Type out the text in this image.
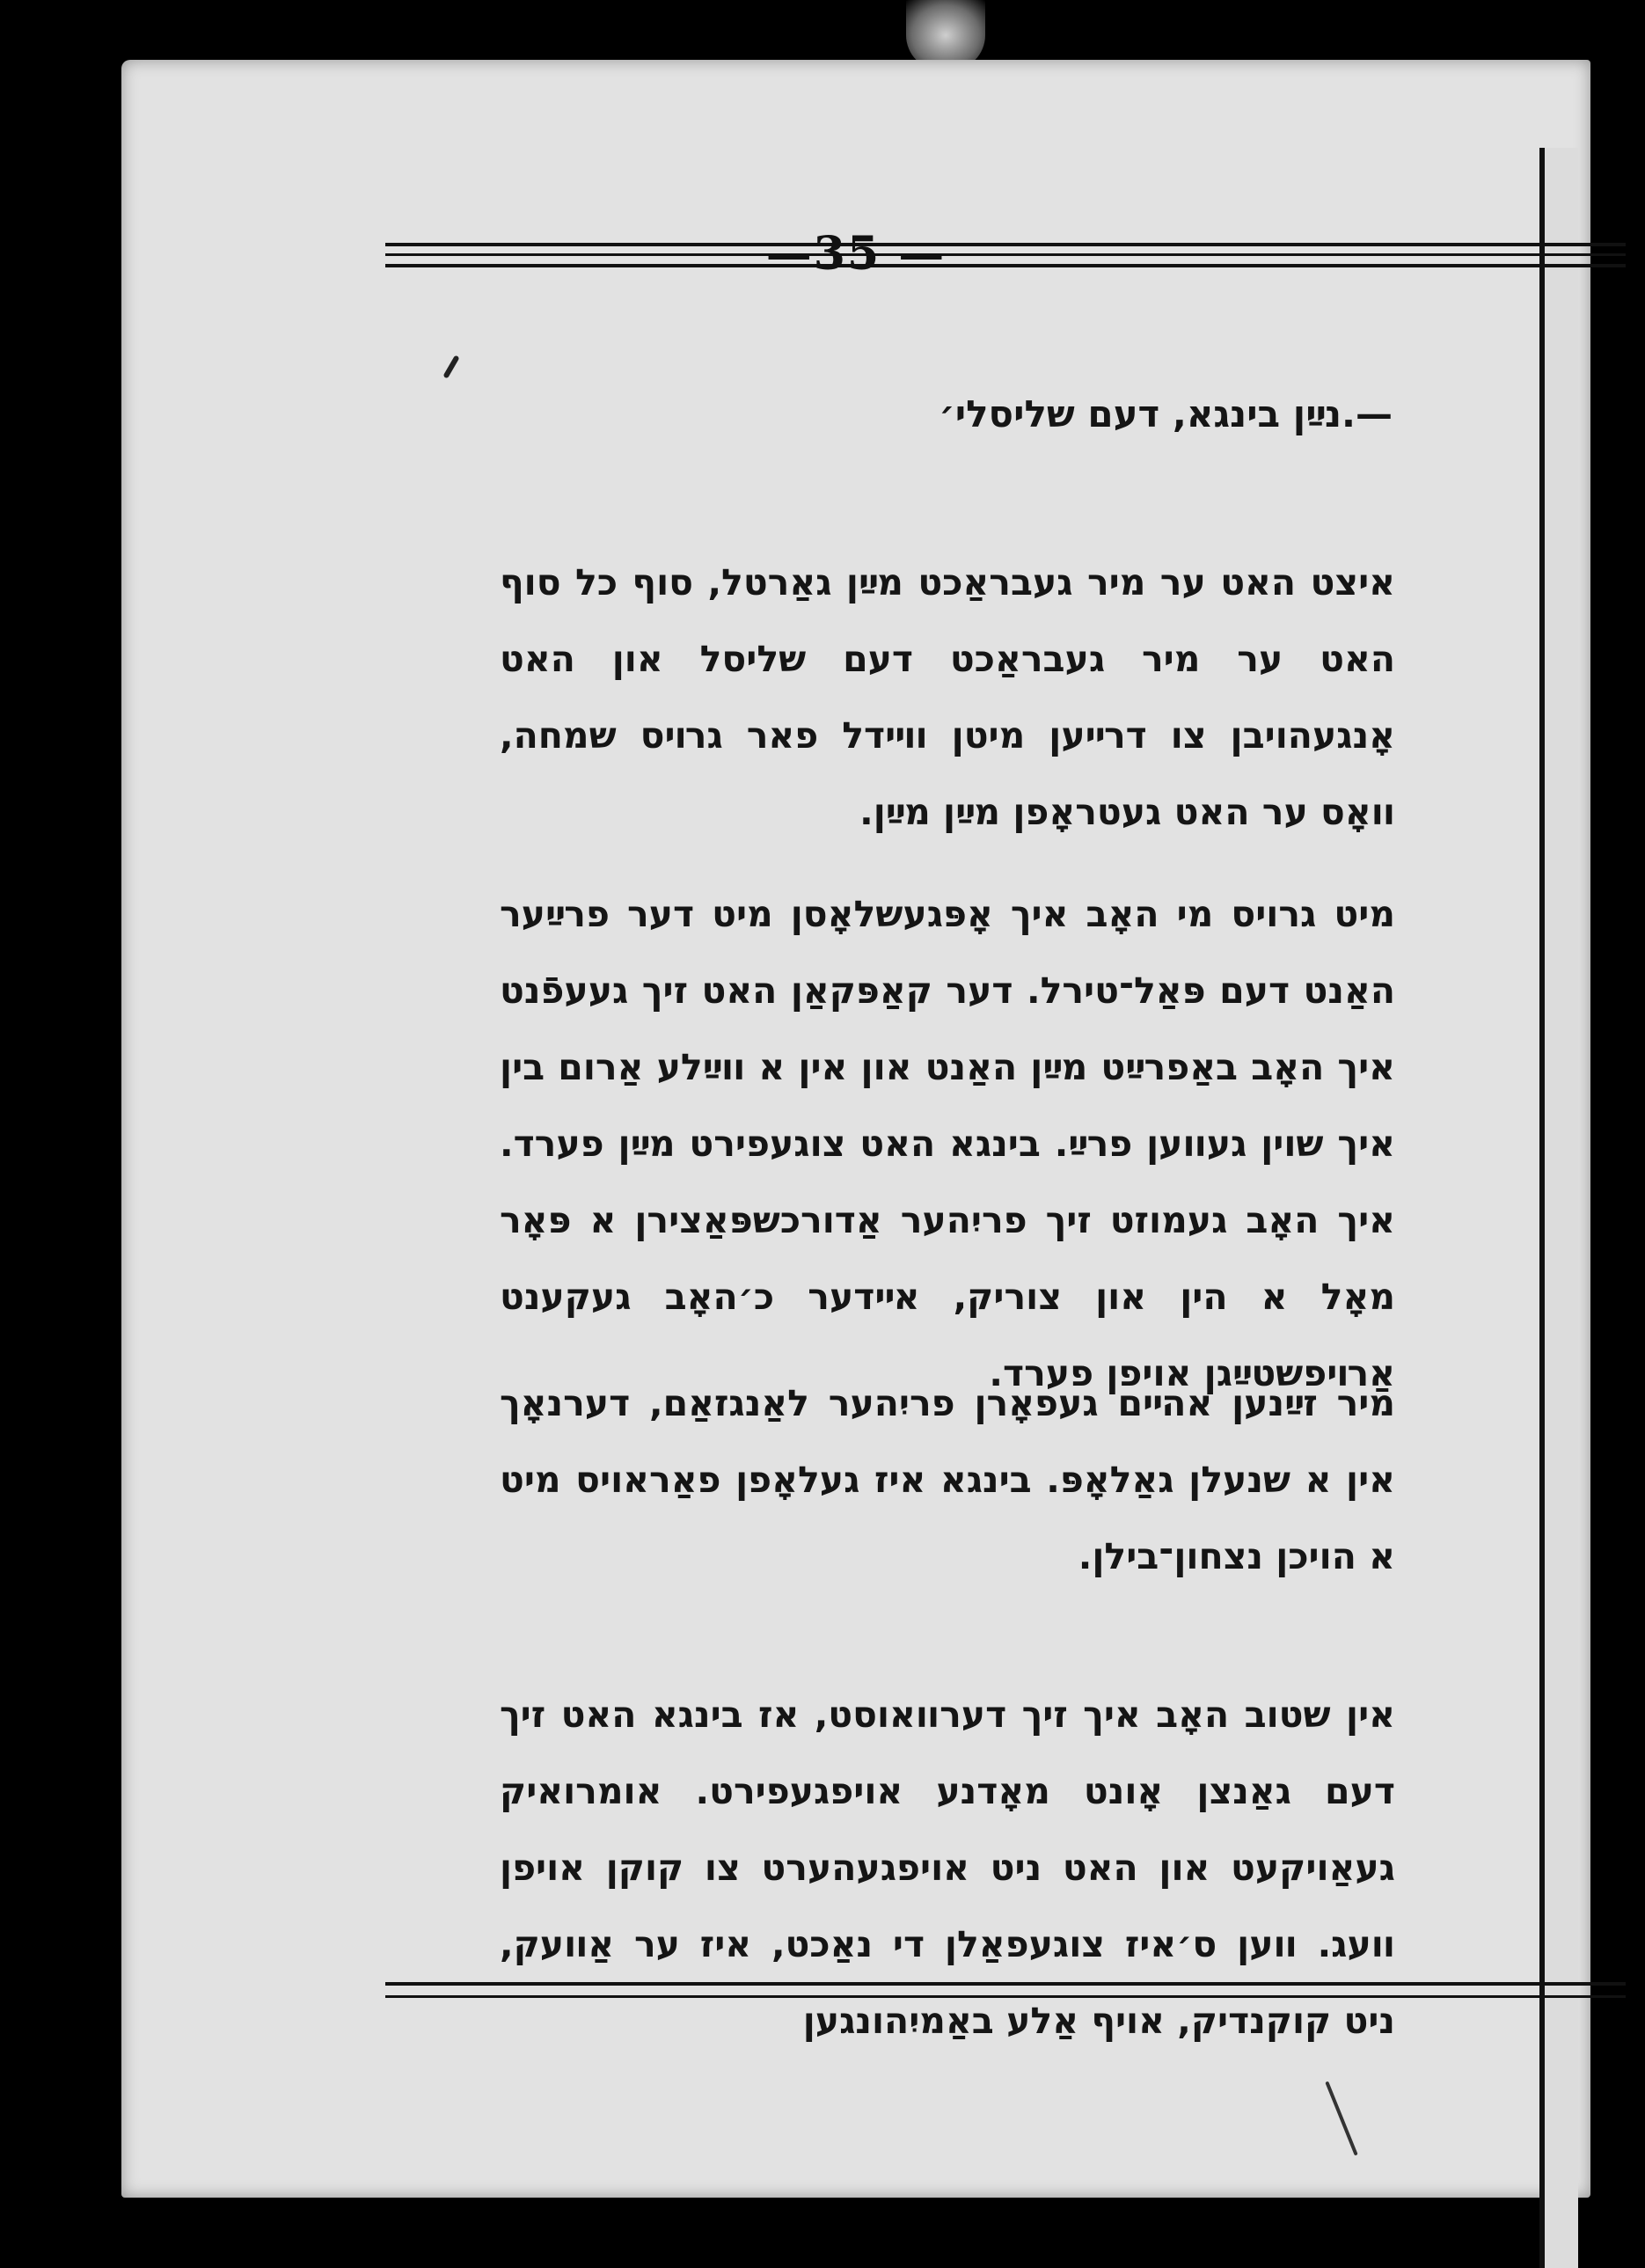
—35 —
—.נײַן בינגא, דעם שליסלי׳

איצט האט ער מיר געבראַכט מײַן גאַרטל, סוף כל סוף האט ער מיר געבראַכט דעם שליסל און האט אָנגעהויבן צו דרײען מיטן װײדל פאר גרױס שמחה, װאָס ער האט געטראָפן מײַן מײַן.

מיט גרויס מי האָב איך אָפּגעשלאָסן מיט דער פרײַער האַנט דעם פּאַל־טירל. דער קאַפּקאַן האט זיך געעפֿנט איך האָב באַפרײַט מײַן האַנט און אין א װײַלע אַרום בין איך שוין געװען פרײַ. בינגא האט צוגעפירט מײַן פערד. איך האָב געמוזט זיך פריִהער אַדורכשפּאַצירן א פּאָר מאָל א הין און צוריק, אײדער כ׳האָב געקענט אַרױפשטײַגן אויפן פערד.

מיר זײַנען אהײם געפאָרן פריִהער לאַנגזאַם, דערנאָך אין א שנעלן גאַלאָפּ. בינגא איז געלאָפן פאַראויס מיט א הויכן נצחון־בילן.

אין שטוב האָב איך זיך דערװאוסט, אז בינגא האט זיך דעם גאַנצן אָונט מאָדנע אויפגעפירט. אומרואיק געאַויקעט און האט ניט אויפגעהערט צו קוקן אויפן װעג. װען ס׳איז צוגעפאַלן די נאַכט, איז ער אַװעק, ניט קוקנדיק, אויף אַלע באַמיִהונגען
